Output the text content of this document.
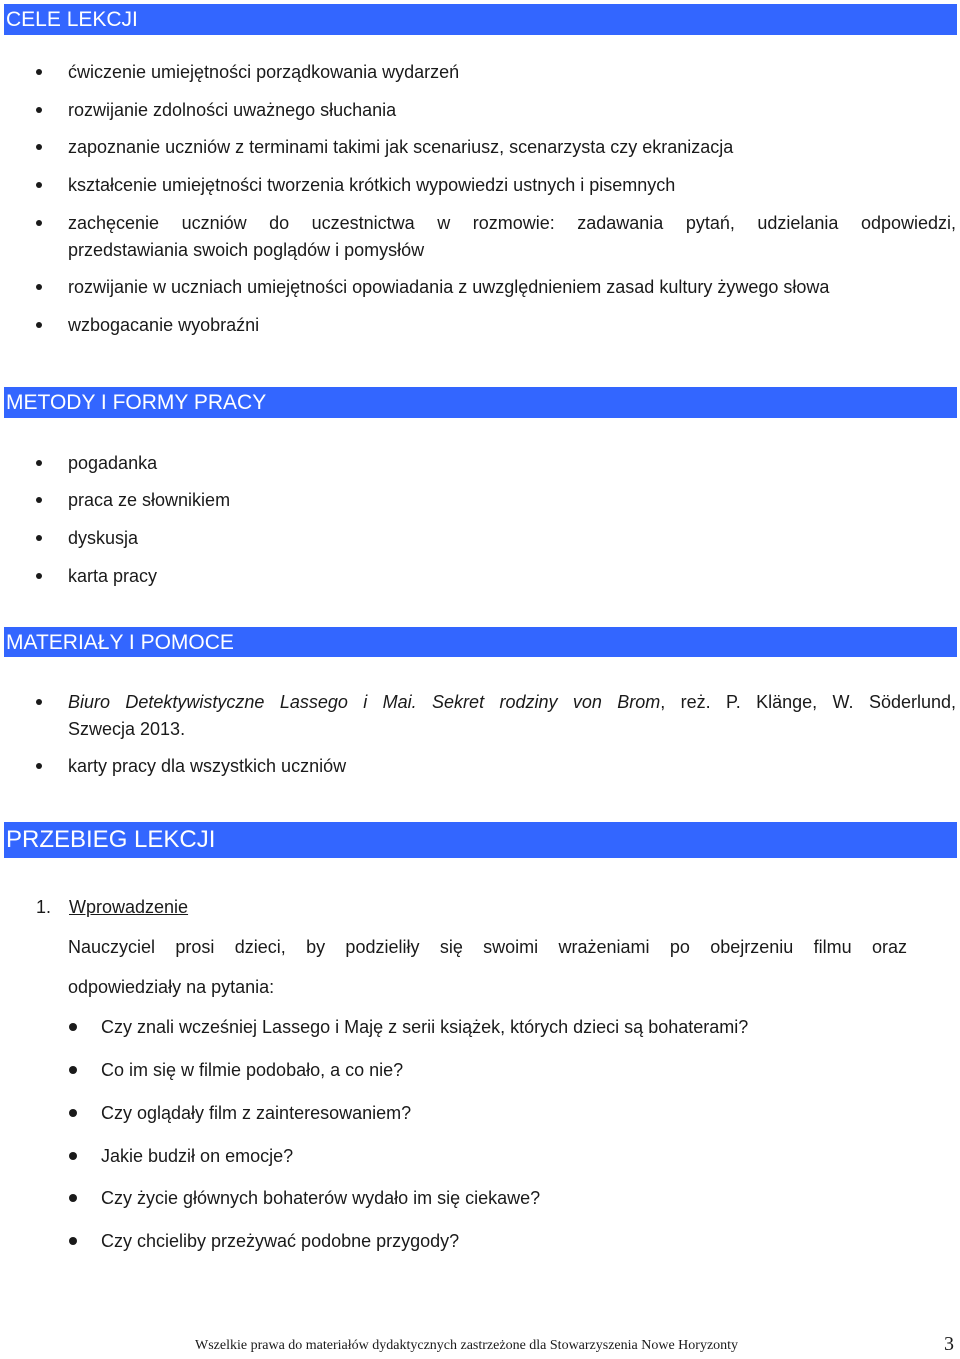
CELE LEKCJI
ćwiczenie umiejętności porządkowania wydarzeń
rozwijanie zdolności uważnego słuchania
zapoznanie uczniów z terminami takimi jak scenariusz, scenarzysta czy ekranizacja
kształcenie umiejętności tworzenia krótkich wypowiedzi ustnych i pisemnych
zachęcenie uczniów do uczestnictwa w rozmowie: zadawania pytań, udzielania odpowiedzi,
przedstawiania swoich poglądów i pomysłów
rozwijanie w uczniach umiejętności opowiadania z uwzględnieniem zasad kultury żywego słowa
wzbogacanie wyobraźni
METODY I FORMY PRACY
pogadanka
praca ze słownikiem
dyskusja
karta pracy
MATERIAŁY I POMOCE
Biuro Detektywistyczne Lassego i Mai. Sekret rodziny von Brom, reż. P. Klänge, W. Söderlund,
Szwecja 2013.
karty pracy dla wszystkich uczniów
PRZEBIEG LEKCJI
1. Wprowadzenie
Nauczyciel prosi dzieci, by podzieliły się swoimi wrażeniami po obejrzeniu filmu oraz
odpowiedziały na pytania:
Czy znali wcześniej Lassego i Maję z serii książek, których dzieci są bohaterami?
Co im się w filmie podobało, a co nie?
Czy oglądały film z zainteresowaniem?
Jakie budził on emocje?
Czy życie głównych bohaterów wydało im się ciekawe?
Czy chcieliby przeżywać podobne przygody?
Wszelkie prawa do materiałów dydaktycznych zastrzeżone dla Stowarzyszenia Nowe Horyzonty	3
